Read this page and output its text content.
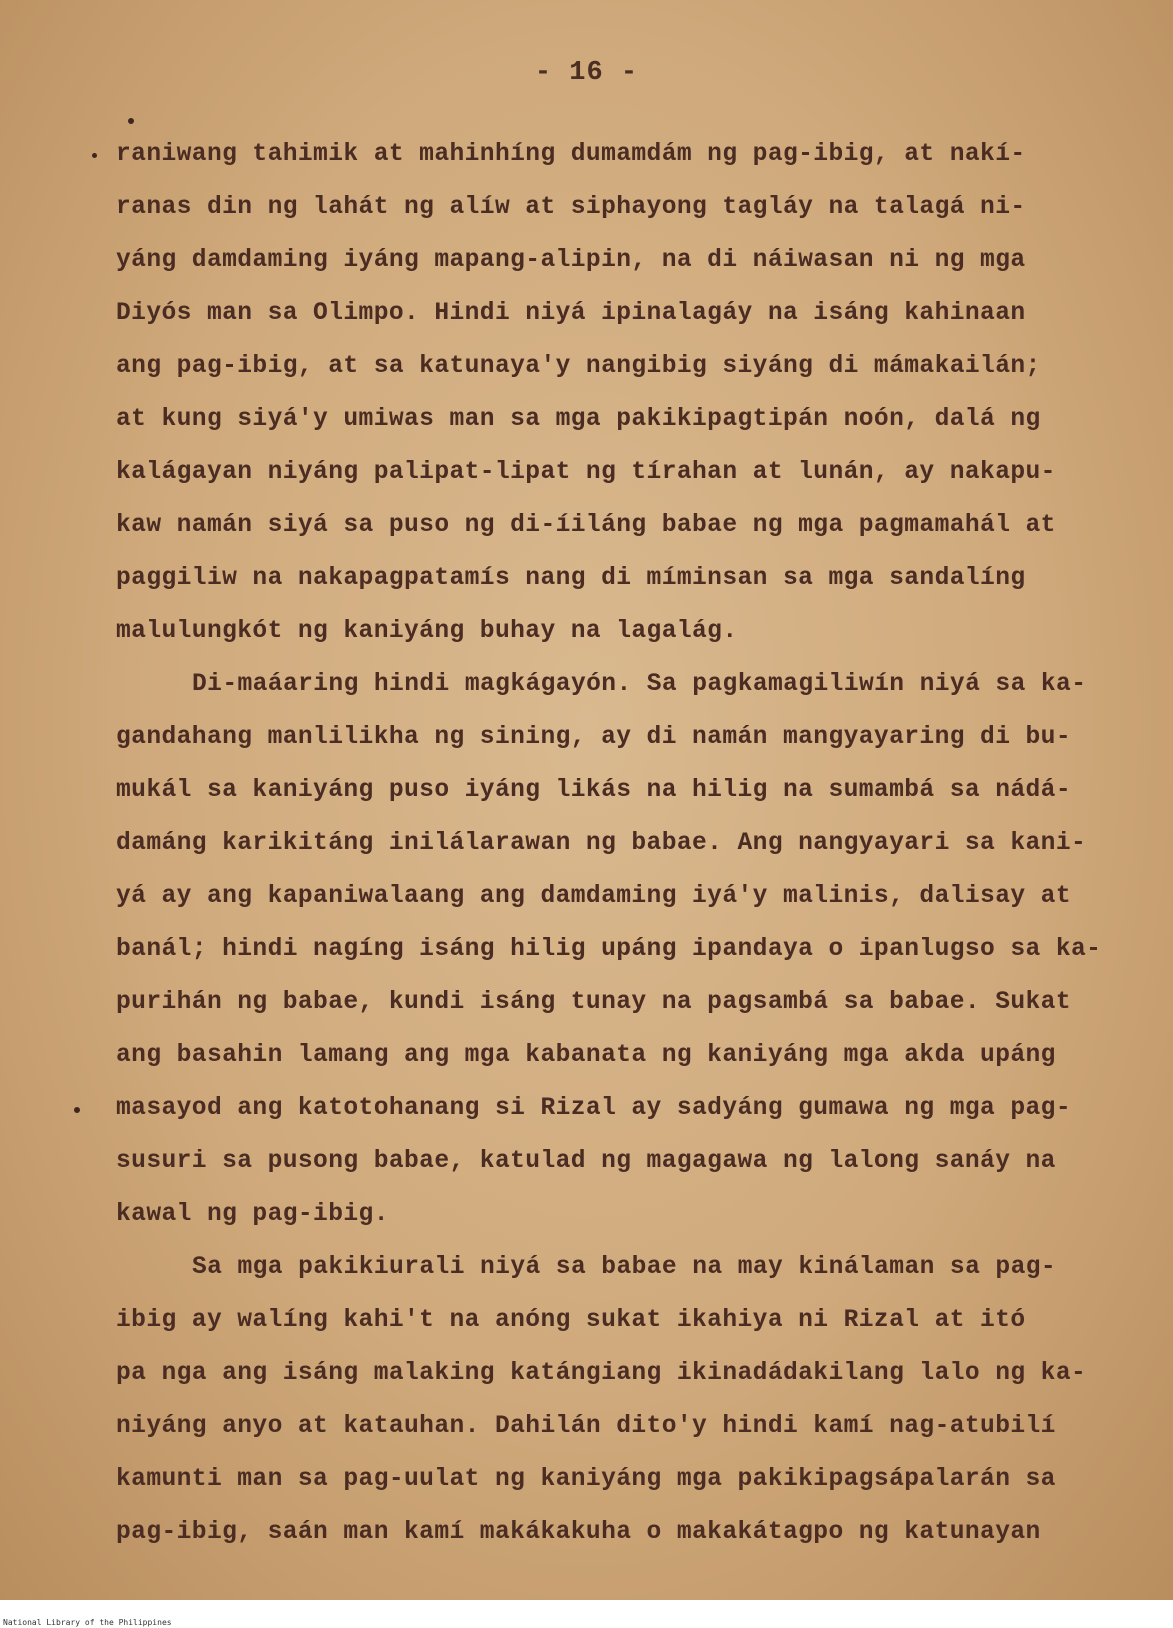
- 16 -
raniwang tahimik at mahinhíng dumamdám ng pag-ibig, at nakí-
ranas din ng lahát ng alíw at siphayong tagláy na talagá ni-
yáng damdaming iyáng mapang-alipin, na di náiwasan ni ng mga
Diyós man sa Olimpo. Hindi niyá ipinalagáy na isáng kahinaan
ang pag-ibig, at sa katunaya'y nangibig siyáng di mámakailán;
at kung siyá'y umiwas man sa mga pakikipagtipán noón, dalá ng
kalágayan niyáng palipat-lipat ng tírahan at lunán, ay nakapu-
kaw namán siyá sa puso ng di-íiláng babae ng mga pagmamahál at
paggiliw na nakapagpatamís nang di míminsan sa mga sandalíng
malulungkót ng kaniyáng buhay na lagalág.
Di-maáaring hindi magkágayón. Sa pagkamagiliwín niyá sa ka-
gandahang manlilikha ng sining, ay di namán mangyayaring di bu-
mukál sa kaniyáng puso iyáng likás na hilig na sumambá sa nádá-
damáng karikitáng inilálarawan ng babae. Ang nangyayari sa kani-
yá ay ang kapaniwalaang ang damdaming iyá'y malinis, dalisay at
banál; hindi nagíng isáng hilig upáng ipandaya o ipanlugso sa ka-
purihán ng babae, kundi isáng tunay na pagsambá sa babae. Sukat
ang basahin lamang ang mga kabanata ng kaniyáng mga akda upáng
masayod ang katotohanang si Rizal ay sadyáng gumawa ng mga pag-
susuri sa pusong babae, katulad ng magagawa ng lalong sanáy na
kawal ng pag-ibig.
Sa mga pakikiurali niyá sa babae na may kinálaman sa pag-
ibig ay walíng kahi't na anóng sukat ikahiya ni Rizal at itó
pa nga ang isáng malaking katángiang ikinadádakilang lalo ng ka-
niyáng anyo at katauhan. Dahilán dito'y hindi kamí nag-atubilí
kamunti man sa pag-uulat ng kaniyáng mga pakikipagsápalarán sa
pag-ibig, saán man kamí makákakuha o makakátagpo ng katunayan
National Library of the Philippines
